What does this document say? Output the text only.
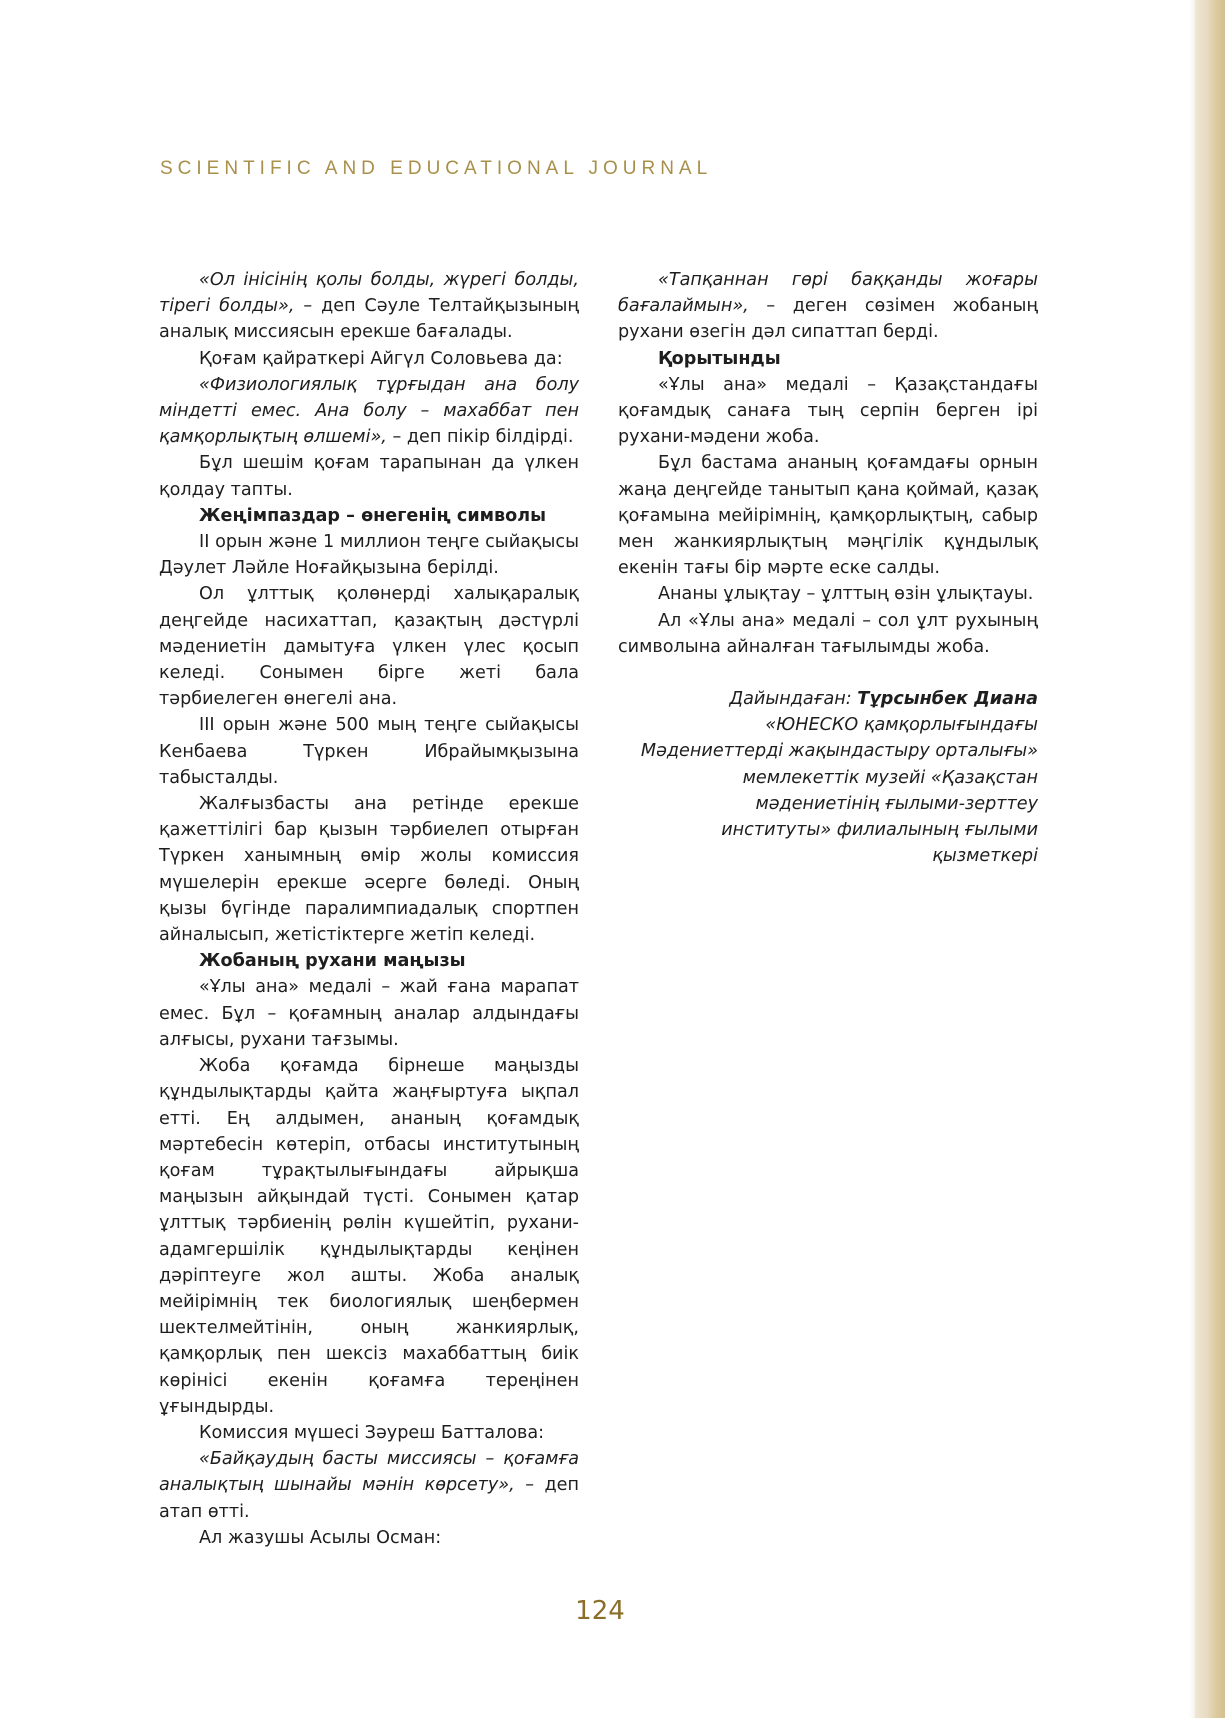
SCIENTIFIC AND EDUCATIONAL JOURNAL

«Ол інісінің қолы болды, жүрегі болды, тірегі болды», – деп Сәуле Телтайқызының аналық миссиясын ерекше бағалады.

Қоғам қайраткері Айгүл Соловьева да:

«Физиологиялық тұрғыдан ана болу міндетті емес. Ана болу – махаббат пен қамқорлықтың өлшемі», – деп пікір білдірді.

Бұл шешім қоғам тарапынан да үлкен қолдау тапты.

Жеңімпаздар – өнегенің символы

ІІ орын және 1 миллион теңге сыйақысы Дәулет Ләйле Ноғайқызына берілді.

Ол ұлттық қолөнерді халықаралық деңгейде насихаттап, қазақтың дәстүрлі мәдениетін дамытуға үлкен үлес қосып келеді. Сонымен бірге жеті бала тәрбиелеген өнегелі ана.

ІІІ орын және 500 мың теңге сыйақысы Кенбаева Түркен Ибрайымқызына табысталды.

Жалғызбасты ана ретінде ерекше қажеттілігі бар қызын тәрбиелеп отырған Түркен ханымның өмір жолы комиссия мүшелерін ерекше әсерге бөледі. Оның қызы бүгінде паралимпиадалық спортпен айналысып, жетістіктерге жетіп келеді.

Жобаның рухани маңызы

«Ұлы ана» медалі – жай ғана марапат емес. Бұл – қоғамның аналар алдындағы алғысы, рухани тағзымы.

Жоба қоғамда бірнеше маңызды құндылықтарды қайта жаңғыртуға ықпал етті. Ең алдымен, ананың қоғамдық мәртебесін көтеріп, отбасы институтының қоғам тұрақтылығындағы айрықша маңызын айқындай түсті. Сонымен қатар ұлттық тәрбиенің рөлін күшейтіп, рухани-адамгершілік құндылықтарды кеңінен дәріптеуге жол ашты. Жоба аналық мейірімнің тек биологиялық шеңбермен шектелмейтінін, оның жанкиярлық, қамқорлық пен шексіз махаббаттың биік көрінісі екенін қоғамға тереңінен ұғындырды.

Комиссия мүшесі Зәуреш Батталова:

«Байқаудың басты миссиясы – қоғамға аналықтың шынайы мәнін көрсету», – деп атап өтті.

Ал жазушы Асылы Осман:

«Тапқаннан гөрі баққанды жоғары бағалаймын», – деген сөзімен жобаның рухани өзегін дәл сипаттап берді.

Қорытынды

«Ұлы ана» медалі – Қазақстандағы қоғамдық санаға тың серпін берген ірі рухани-мәдени жоба.

Бұл бастама ананың қоғамдағы орнын жаңа деңгейде танытып қана қоймай, қазақ қоғамына мейірімнің, қамқорлықтың, сабыр мен жанкиярлықтың мәңгілік құндылық екенін тағы бір мәрте еске салды.

Ананы ұлықтау – ұлттың өзін ұлықтауы.

Ал «Ұлы ана» медалі – сол ұлт рухының символына айналған тағылымды жоба.

Дайындаған: Тұрсынбек Диана
«ЮНЕСКО қамқорлығындағы
Мәдениеттерді жақындастыру орталығы»
мемлекеттік музейі «Қазақстан
мәдениетінің ғылыми-зерттеу
институты» филиалының ғылыми
қызметкері
124
